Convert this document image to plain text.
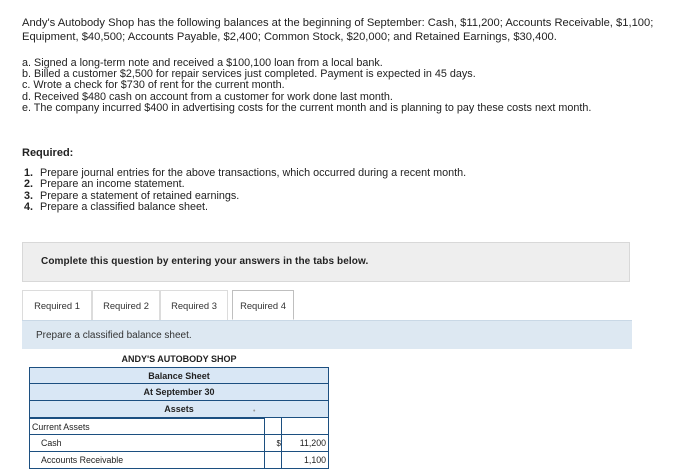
Andy's Autobody Shop has the following balances at the beginning of September: Cash, $11,200; Accounts Receivable, $1,100; Equipment, $40,500; Accounts Payable, $2,400; Common Stock, $20,000; and Retained Earnings, $30,400.

a. Signed a long-term note and received a $100,100 loan from a local bank.
b. Billed a customer $2,500 for repair services just completed. Payment is expected in 45 days.
c. Wrote a check for $730 of rent for the current month.
d. Received $480 cash on account from a customer for work done last month.
e. The company incurred $400 in advertising costs for the current month and is planning to pay these costs next month.

Required:

1. Prepare journal entries for the above transactions, which occurred during a recent month.
2. Prepare an income statement.
3. Prepare a statement of retained earnings.
4. Prepare a classified balance sheet.
Complete this question by entering your answers in the tabs below.
Required 1	Required 2	Required 3	Required 4
Prepare a classified balance sheet.
ANDY'S AUTOBODY SHOP
Balance Sheet
At September 30
Assets	•
Current Assets
Cash	$	11,200
Accounts Receivable	1,100
